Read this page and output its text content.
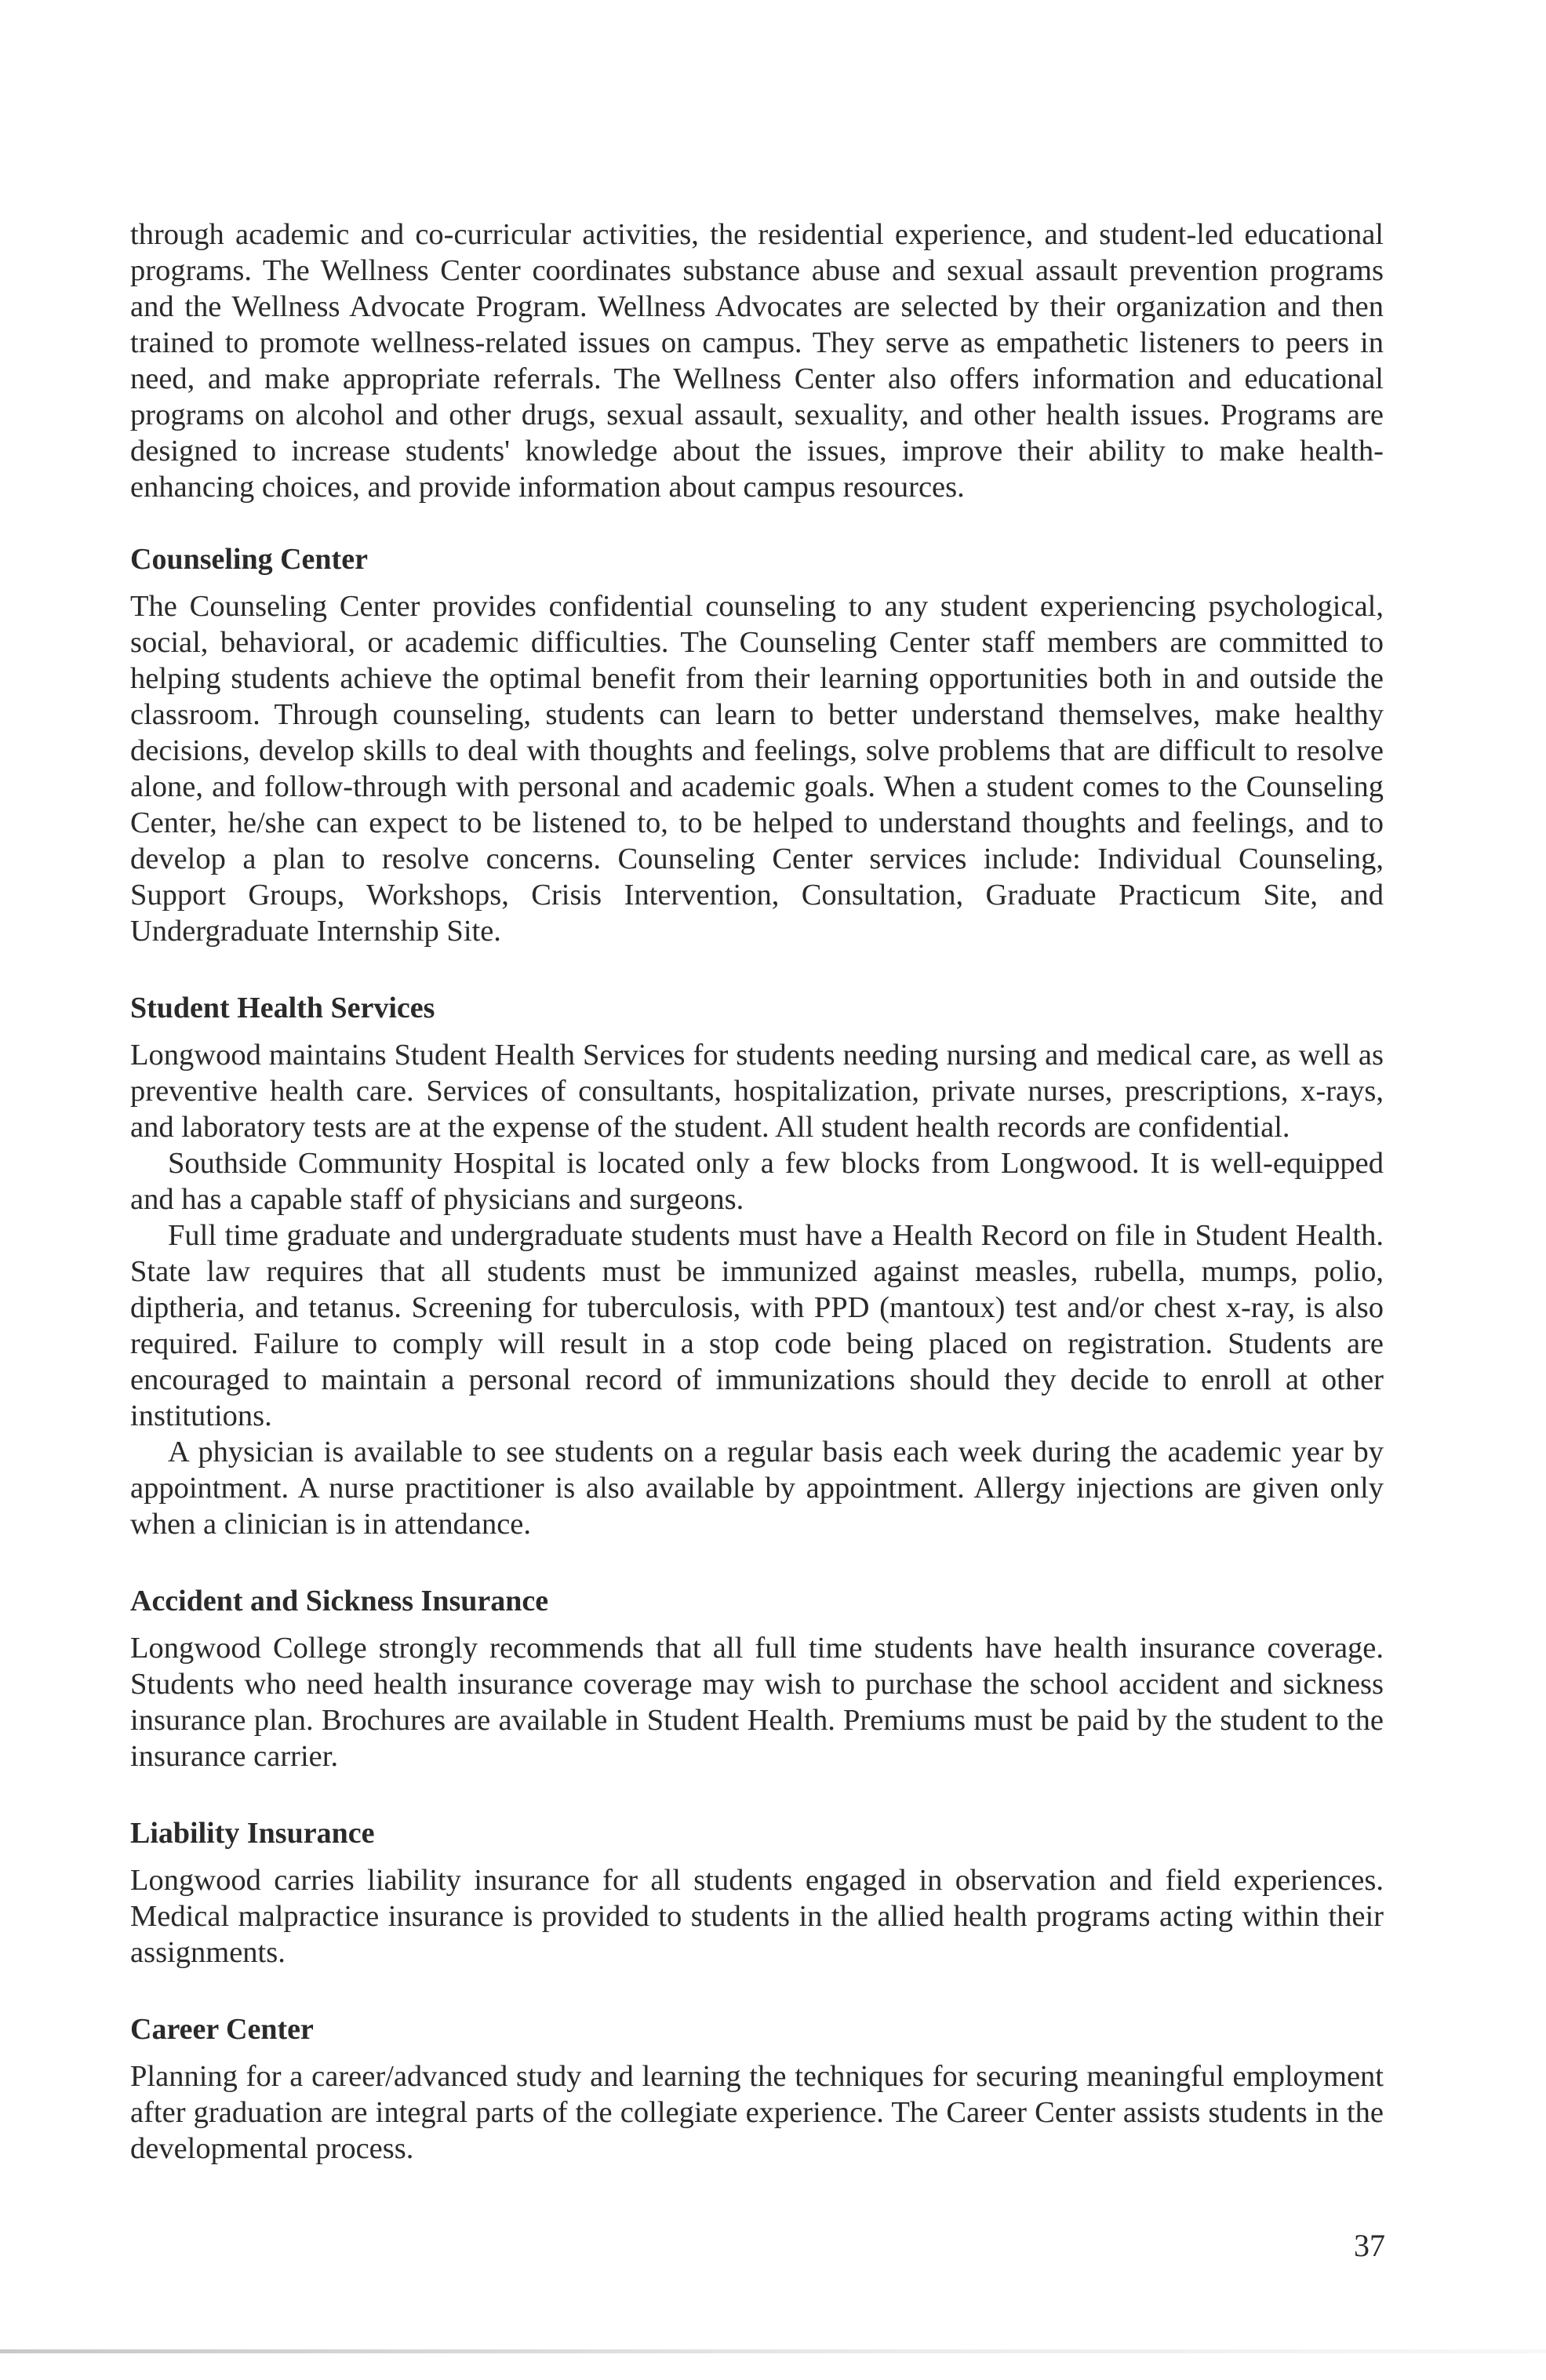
through academic and co-curricular activities, the residential experience, and student-led educational programs. The Wellness Center coordinates substance abuse and sexual assault prevention programs and the Wellness Advocate Program. Wellness Advocates are selected by their organization and then trained to promote wellness-related issues on campus. They serve as empathetic listeners to peers in need, and make appropriate referrals. The Wellness Center also offers information and educational programs on alcohol and other drugs, sexual assault, sexuality, and other health issues. Programs are designed to increase students' knowledge about the issues, improve their ability to make health-enhancing choices, and provide information about campus resources.

Counseling Center

The Counseling Center provides confidential counseling to any student experiencing psychological, social, behavioral, or academic difficulties. The Counseling Center staff members are committed to helping students achieve the optimal benefit from their learning opportunities both in and outside the classroom. Through counseling, students can learn to better understand themselves, make healthy decisions, develop skills to deal with thoughts and feelings, solve problems that are difficult to resolve alone, and follow-through with personal and academic goals. When a student comes to the Counseling Center, he/she can expect to be listened to, to be helped to understand thoughts and feelings, and to develop a plan to resolve concerns. Counseling Center services include: Individual Counseling, Support Groups, Workshops, Crisis Intervention, Consultation, Graduate Practicum Site, and Undergraduate Internship Site.

Student Health Services

Longwood maintains Student Health Services for students needing nursing and medical care, as well as preventive health care. Services of consultants, hospitalization, private nurses, prescriptions, x-rays, and laboratory tests are at the expense of the student. All student health records are confidential.

Southside Community Hospital is located only a few blocks from Longwood. It is well-equipped and has a capable staff of physicians and surgeons.

Full time graduate and undergraduate students must have a Health Record on file in Student Health. State law requires that all students must be immunized against measles, rubella, mumps, polio, diptheria, and tetanus. Screening for tuberculosis, with PPD (mantoux) test and/or chest x-ray, is also required. Failure to comply will result in a stop code being placed on registration. Students are encouraged to maintain a personal record of immunizations should they decide to enroll at other institutions.

A physician is available to see students on a regular basis each week during the academic year by appointment. A nurse practitioner is also available by appointment. Allergy injections are given only when a clinician is in attendance.

Accident and Sickness Insurance

Longwood College strongly recommends that all full time students have health insurance coverage. Students who need health insurance coverage may wish to purchase the school accident and sickness insurance plan. Brochures are available in Student Health. Premiums must be paid by the student to the insurance carrier.

Liability Insurance

Longwood carries liability insurance for all students engaged in observation and field experiences. Medical malpractice insurance is provided to students in the allied health programs acting within their assignments.

Career Center

Planning for a career/advanced study and learning the techniques for securing meaningful employment after graduation are integral parts of the collegiate experience. The Career Center assists students in the developmental process.

37
